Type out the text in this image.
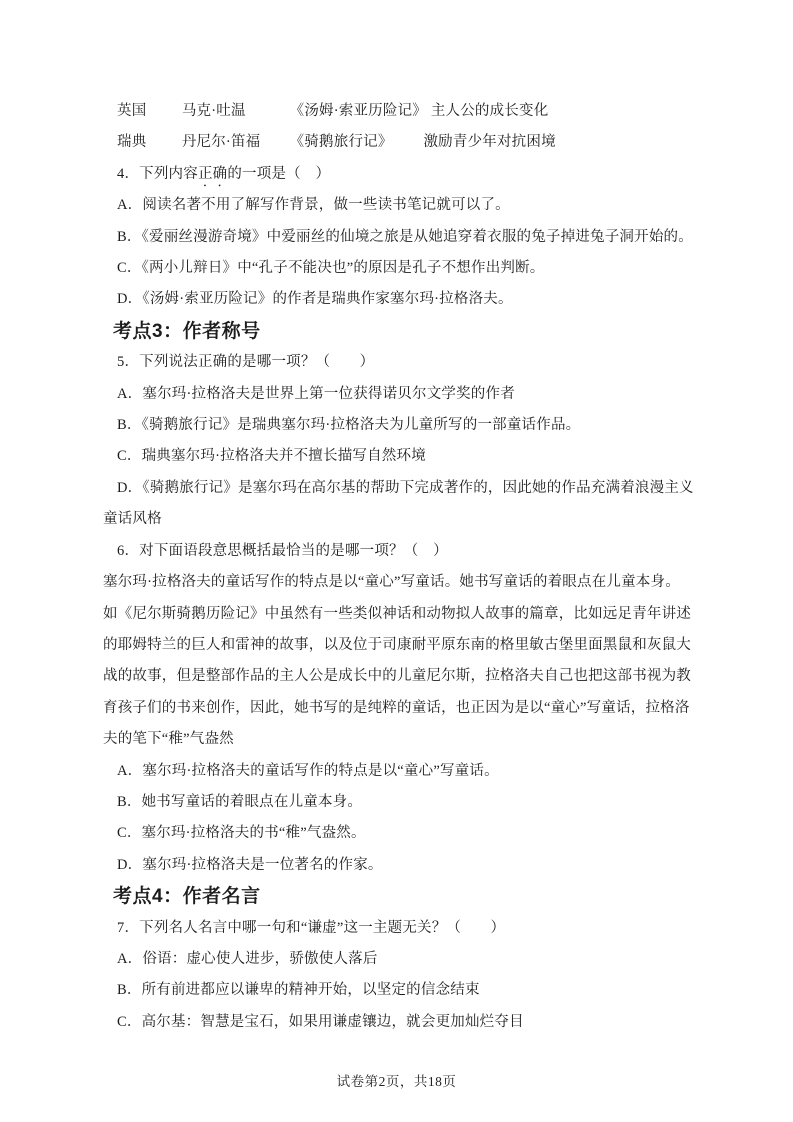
英国 马克·吐温	《汤姆·索亚历险记》 主人公的成长变化
瑞典 丹尼尔·笛福 《骑鹅旅行记》 激励青少年对抗困境
4．下列内容正确的一项是（　）
A．阅读名著不用了解写作背景，做一些读书笔记就可以了。
B．《爱丽丝漫游奇境》中爱丽丝的仙境之旅是从她追穿着衣服的兔子掉进兔子洞开始的。
C．《两小儿辩日》中“孔子不能决也”的原因是孔子不想作出判断。
D．《汤姆·索亚历险记》的作者是瑞典作家塞尔玛·拉格洛夫。
考点3：作者称号
5．下列说法正确的是哪一项？（　　）
A．塞尔玛·拉格洛夫是世界上第一位获得诺贝尔文学奖的作者
B．《骑鹅旅行记》是瑞典塞尔玛·拉格洛夫为儿童所写的一部童话作品。
C．瑞典塞尔玛·拉格洛夫并不擅长描写自然环境
D．《骑鹅旅行记》是塞尔玛在高尔基的帮助下完成著作的，因此她的作品充满着浪漫主义
童话风格
6．对下面语段意思概括最恰当的是哪一项？（　）
塞尔玛·拉格洛夫的童话写作的特点是以“童心”写童话。她书写童话的着眼点在儿童本身。
如《尼尔斯骑鹅历险记》中虽然有一些类似神话和动物拟人故事的篇章，比如远足青年讲述
的耶姆特兰的巨人和雷神的故事，以及位于司康耐平原东南的格里敏古堡里面黑鼠和灰鼠大
战的故事，但是整部作品的主人公是成长中的儿童尼尔斯，拉格洛夫自己也把这部书视为教
育孩子们的书来创作，因此，她书写的是纯粹的童话，也正因为是以“童心”写童话，拉格洛
夫的笔下“稚”气盎然
A．塞尔玛·拉格洛夫的童话写作的特点是以“童心”写童话。
B．她书写童话的着眼点在儿童本身。
C．塞尔玛·拉格洛夫的书“稚”气盎然。
D．塞尔玛·拉格洛夫是一位著名的作家。
考点4：作者名言
7．下列名人名言中哪一句和“谦虚”这一主题无关？（　　）
A．俗语：虚心使人进步，骄傲使人落后
B．所有前进都应以谦卑的精神开始，以坚定的信念结束
C．高尔基：智慧是宝石，如果用谦虚镶边，就会更加灿烂夺目
试卷第2页，共18页
